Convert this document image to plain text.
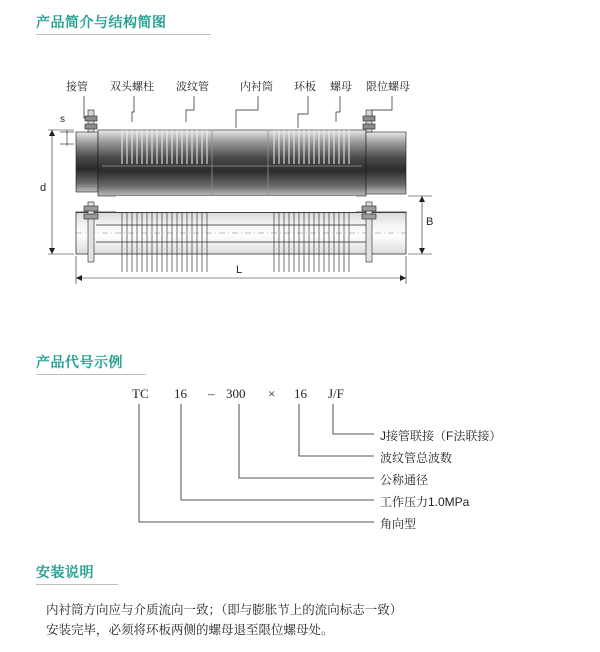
产品简介与结构简图
接管 双头螺柱 波纹管	内衬筒 环板 螺母 限位螺母
s
d
B
L
产品代号示例
TC 16 – 300 × 16 J/F
J接管联接（F法联接）
波纹管总波数
公称通径
工作压力1.0MPa
角向型
安装说明
内衬筒方向应与介质流向一致；（即与膨胀节上的流向标志一致）
安装完毕，必须将环板两侧的螺母退至限位螺母处。
